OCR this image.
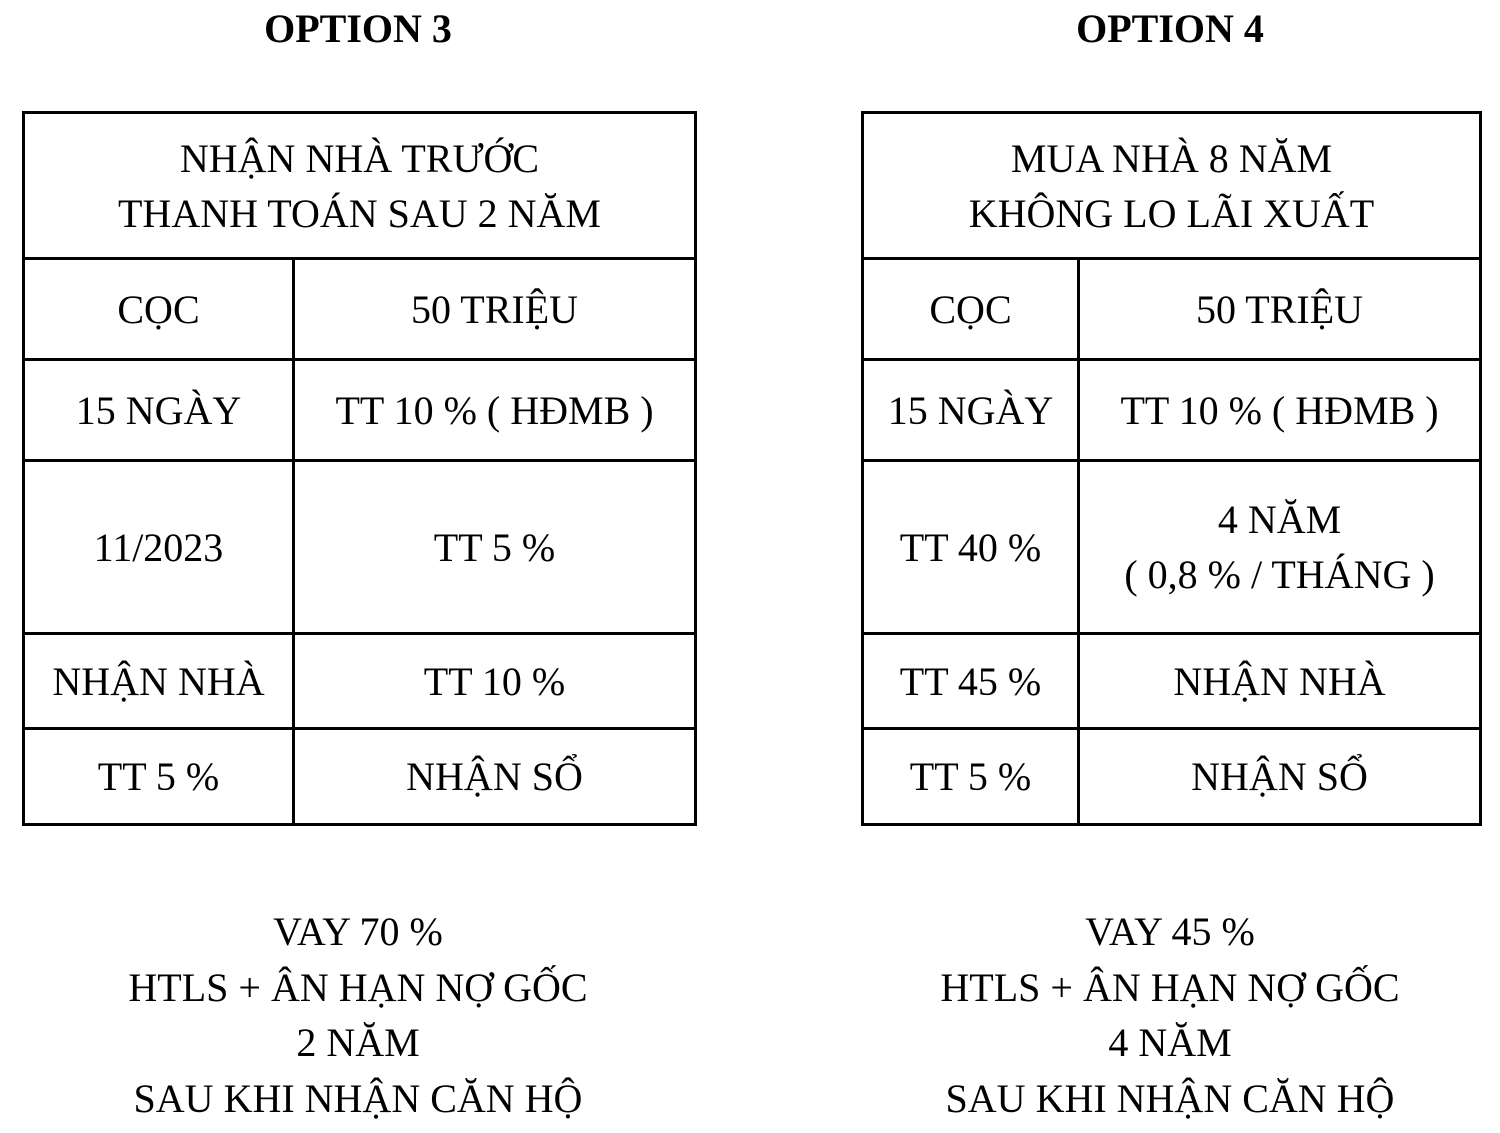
OPTION 3
NHẬN NHÀ TRƯỚC
THANH TOÁN SAU 2 NĂM	

CỌC	50 TRIỆU

15 NGÀY	TT 10 % ( HĐMB )

11/2023	TT 5 %

NHẬN NHÀ	TT 10 %

TT 5 %	NHẬN SỔ
VAY 70 %
HTLS + ÂN HẠN NỢ GỐC
2 NĂM
SAU KHI NHẬN CĂN HỘ
OPTION 4
MUA NHÀ 8 NĂM
KHÔNG LO LÃI XUẤT	

CỌC	50 TRIỆU

15 NGÀY	TT 10 % ( HĐMB )

TT 40 %	4 NĂM
( 0,8 % / THÁNG )

TT 45 %	NHẬN NHÀ

TT 5 %	NHẬN SỔ
VAY 45 %
HTLS + ÂN HẠN NỢ GỐC
4 NĂM
SAU KHI NHẬN CĂN HỘ
